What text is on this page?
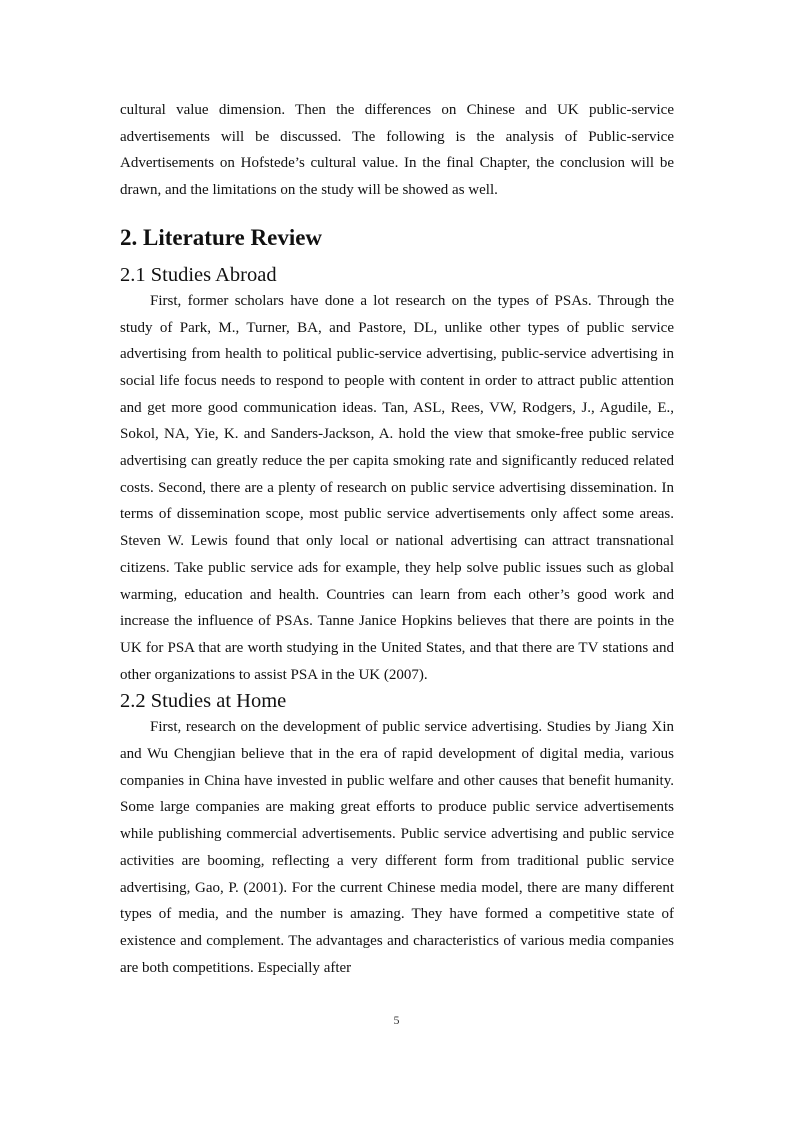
cultural value dimension. Then the differences on Chinese and UK public-service advertisements will be discussed. The following is the analysis of Public-service Advertisements on Hofstede’s cultural value. In the final Chapter, the conclusion will be drawn, and the limitations on the study will be showed as well.

2. Literature Review
2.1 Studies Abroad

First, former scholars have done a lot research on the types of PSAs. Through the study of Park, M., Turner, BA, and Pastore, DL, unlike other types of public service advertising from health to political public-service advertising, public-service advertising in social life focus needs to respond to people with content in order to attract public attention and get more good communication ideas. Tan, ASL, Rees, VW, Rodgers, J., Agudile, E., Sokol, NA, Yie, K. and Sanders-Jackson, A. hold the view that smoke-free public service advertising can greatly reduce the per capita smoking rate and significantly reduced related costs. Second, there are a plenty of research on public service advertising dissemination. In terms of dissemination scope, most public service advertisements only affect some areas. Steven W. Lewis found that only local or national advertising can attract transnational citizens. Take public service ads for example, they help solve public issues such as global warming, education and health. Countries can learn from each other’s good work and increase the influence of PSAs. Tanne Janice Hopkins believes that there are points in the UK for PSA that are worth studying in the United States, and that there are TV stations and other organizations to assist PSA in the UK (2007).

2.2 Studies at Home

First, research on the development of public service advertising. Studies by Jiang Xin and Wu Chengjian believe that in the era of rapid development of digital media, various companies in China have invested in public welfare and other causes that benefit humanity. Some large companies are making great efforts to produce public service advertisements while publishing commercial advertisements. Public service advertising and public service activities are booming, reflecting a very different form from traditional public service advertising, Gao, P. (2001). For the current Chinese media model, there are many different types of media, and the number is amazing. They have formed a competitive state of existence and complement. The advantages and characteristics of various media companies are both competitions. Especially after

5
